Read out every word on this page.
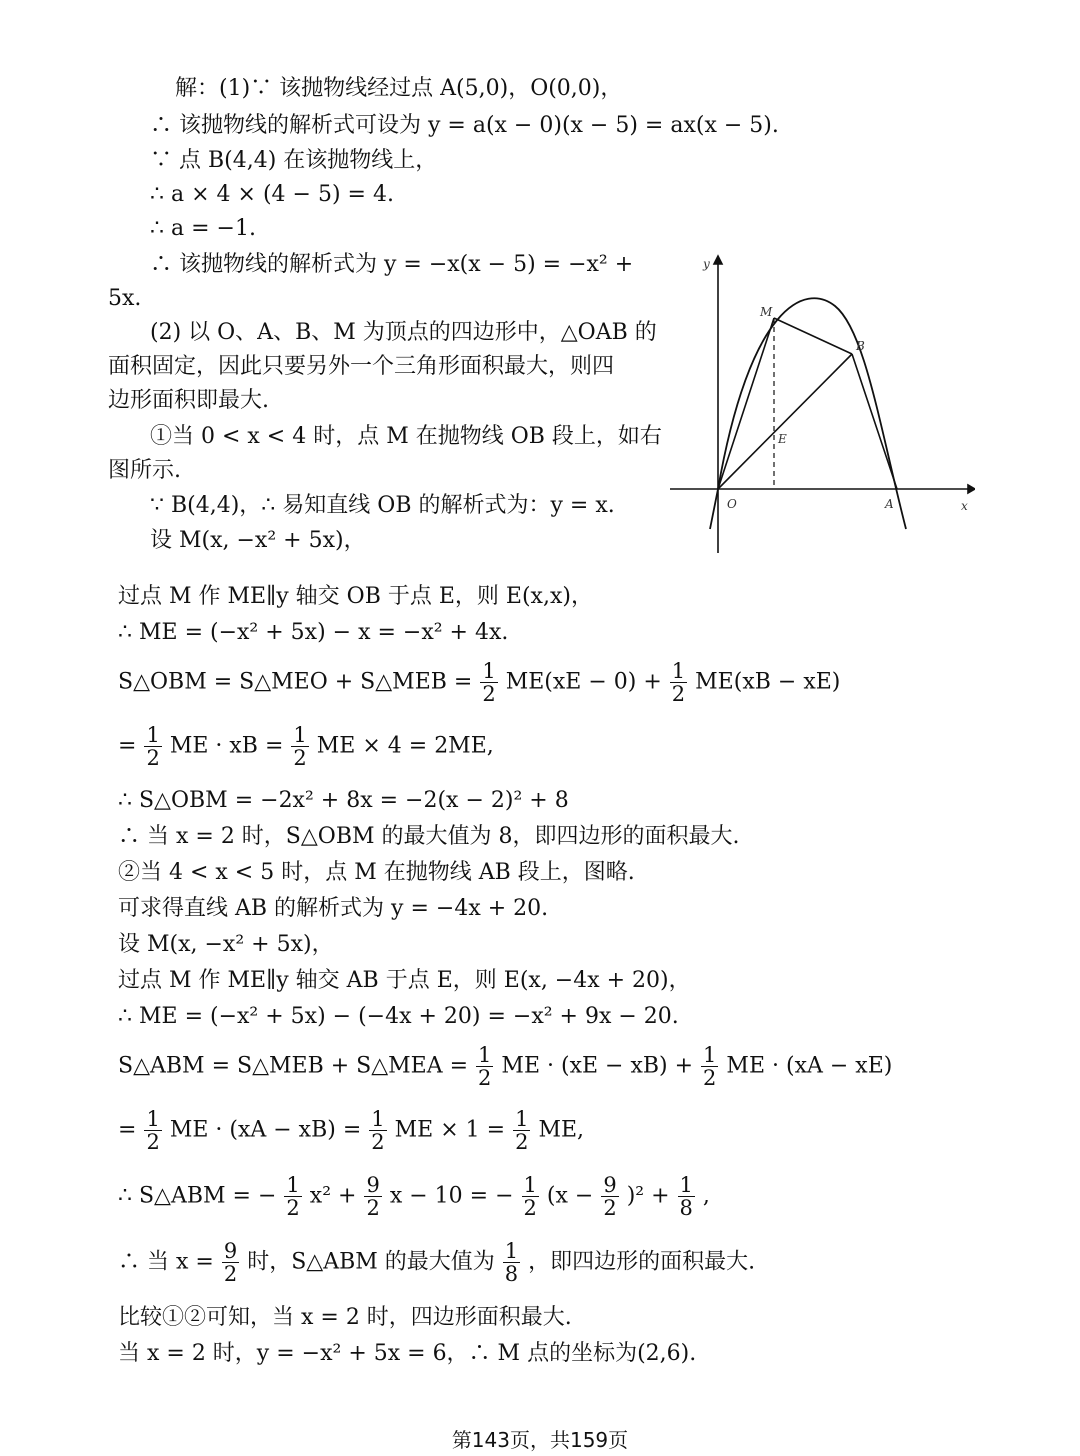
解：(1)∵ 该抛物线经过点 A(5,0)，O(0,0)，
∴ 该抛物线的解析式可设为 y = a(x − 0)(x − 5) = ax(x − 5).
∵ 点 B(4,4) 在该抛物线上，
∴ a × 4 × (4 − 5) = 4.
∴ a = −1.
∴ 该抛物线的解析式为 y = −x(x − 5) = −x² +
5x.
(2) 以 O、A、B、M 为顶点的四边形中，△OAB 的
面积固定，因此只要另外一个三角形面积最大，则四
边形面积即最大.
①当 0 < x < 4 时，点 M 在抛物线 OB 段上，如右
图所示.
∵ B(4,4)，∴ 易知直线 OB 的解析式为：y = x.
设 M(x, −x² + 5x)，
y
x
O	A
B
M
E
过点 M 作 ME∥y 轴交 OB 于点 E，则 E(x,x)，
∴ ME = (−x² + 5x) − x = −x² + 4x.
S△OBM = S△MEO + S△MEB = $\frac{1}{2} ME(xE - 0) + \frac{1}{2} ME(xB - xE)$
= $\frac{1}{2}$ ME · xB = $\frac{1}{2}$ ME × 4 = 2ME,
∴ S△OBM = −2x² + 8x = −2(x − 2)² + 8
∴ 当 x = 2 时，S△OBM 的最大值为 8，即四边形的面积最大.
②当 4 < x < 5 时，点 M 在抛物线 AB 段上，图略.
可求得直线 AB 的解析式为 y = −4x + 20.
设 M(x, −x² + 5x)，
过点 M 作 ME∥y 轴交 AB 于点 E，则 E(x, −4x + 20)，
∴ ME = (−x² + 5x) − (−4x + 20) = −x² + 9x − 20.
S△ABM = S△MEB + S△MEA = $\frac{1}{2}$ ME · $(xE - xB) + \frac{1}{2}$ ME · (xA − xE)
= $\frac{1}{2}$ ME · $(xA - xB) = \frac{1}{2}$ ME × $1 = \frac{1}{2}$ ME,
∴ S△ABM = − $\frac{1}{2} x^2 + \frac{9}{2}$ x − 10 = − $\frac{1}{2} (x - \frac{9}{2} )^2 + \frac{1}{8}$ ,
∴ 当 $x = \frac{9}{2}$ 时，S△ABM 的最大值为 $\frac{1}{8}$ ，即四边形的面积最大.
比较①②可知，当 x = 2 时，四边形面积最大.
当 x = 2 时，y = −x² + 5x = 6，∴ M 点的坐标为(2,6).
第143页，共159页
